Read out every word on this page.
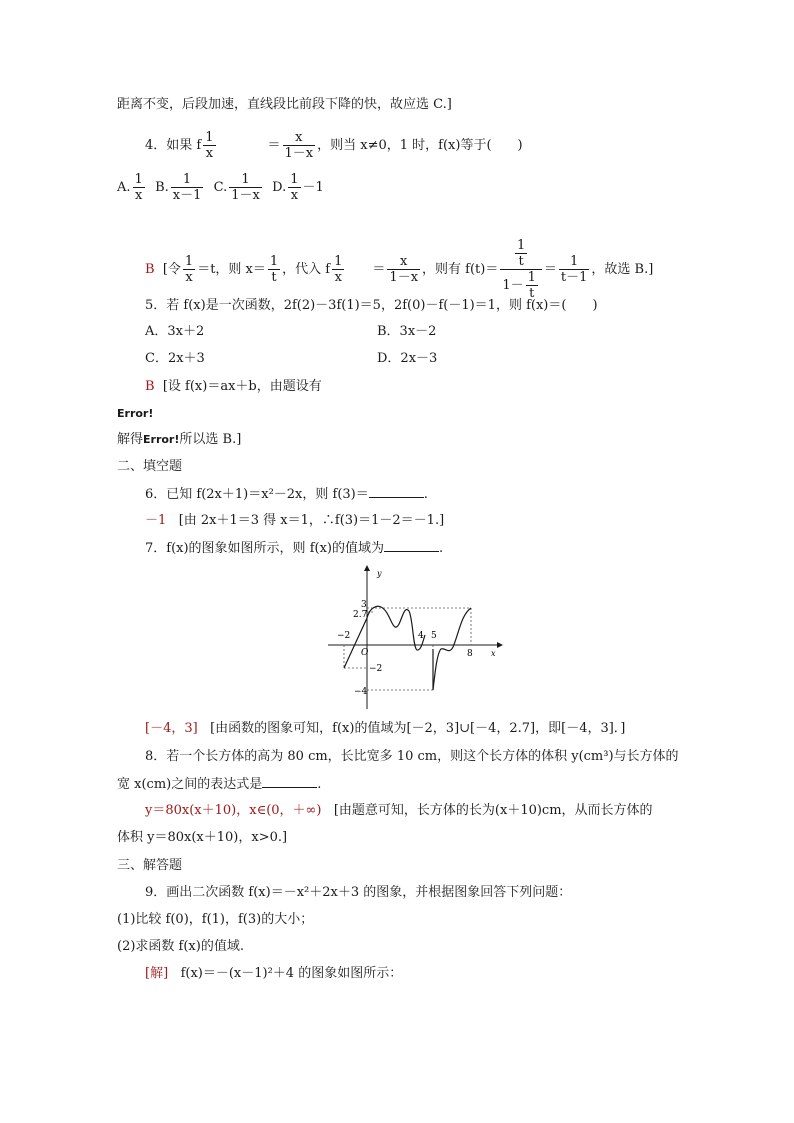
距离不变，后段加速，直线段比前段下降的快，故应选 C.]
4．如果 f $\frac{1}{x}$	＝ $\frac{x}{1-x}$ ，则当 x≠0，1 时，f(x)等于(　　)
A. $\frac{1}{x} B$. $\frac{1}{x-1} C$. $\frac{1}{1-x} D$. $\frac{1}{x} -1$
B [令 $\frac{1}{x} =t$，则 $x= \frac{1}{t}$ ，代入 f $\frac{1}{x} = \frac{x}{1-x}$ ，则有 $f(t)= \frac{\frac{1}{t}}{1- \frac{1}{t}} = \frac{1}{t-1}$ ，故选 B.]
5．若 f(x)是一次函数，2f(2)－3f(1)＝5，2f(0)－f(－1)＝1，则 f(x)＝(　　)
A．3x＋2	B．3x－2
C．2x＋3	D．2x－3
B [设 f(x)＝ax＋b，由题设有
Error!
解得Error!所以选 B.]
二、填空题
6．已知 f(2x＋1)＝x²－2x，则 f(3)＝	.
－1 [由 2x＋1＝3 得 x＝1，∴f(3)＝1－2＝－1.]
7．f(x)的图象如图所示，则 f(x)的值域为	.
y
x
O
3
2.7
−2	4 5
8
−2
−4
[－4，3] [由函数的图象可知，f(x)的值域为[－2，3]∪[－4，2.7]，即[－4，3]．]
8．若一个长方体的高为 80 cm，长比宽多 10 cm，则这个长方体的体积 y(cm³)与长方体的
宽 x(cm)之间的表达式是	.
y＝80x(x＋10)，x∈(0，＋∞) [由题意可知，长方体的长为(x＋10)cm，从而长方体的
体积 y＝80x(x＋10)，x>0.]
三、解答题
9．画出二次函数 f(x)＝－x²＋2x＋3 的图象，并根据图象回答下列问题：
(1)比较 f(0)，f(1)，f(3)的大小；
(2)求函数 f(x)的值域.
[解] f(x)＝－(x－1)²＋4 的图象如图所示：
